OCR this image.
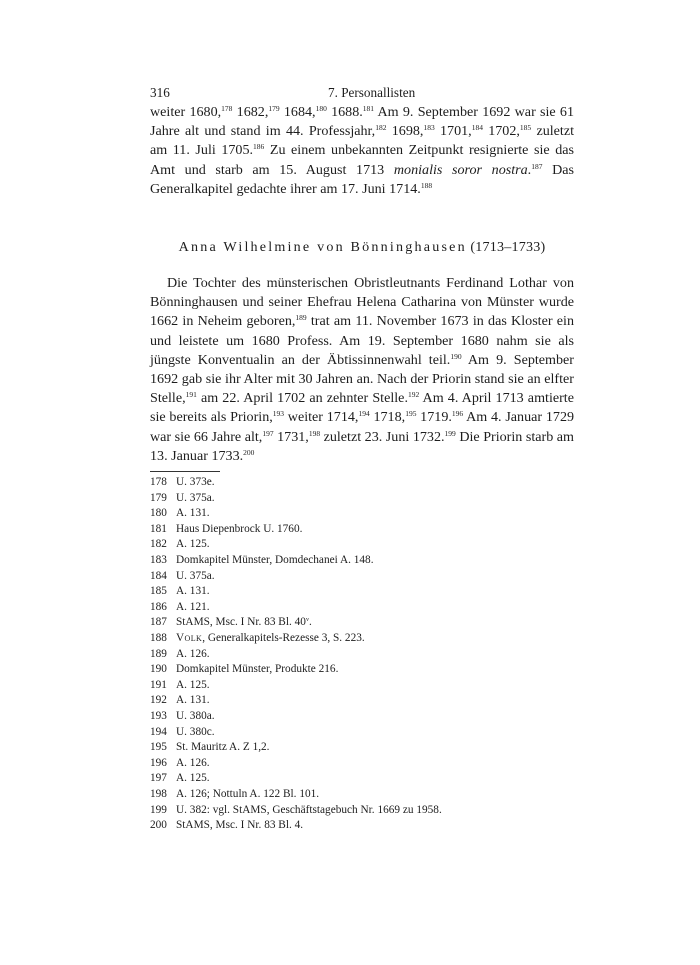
316	7. Personallisten

weiter 1680,$^{178}$ 1682,$^{179}$ 1684,$^{180}$ 1688.$^{181}$ Am 9. September 1692 war sie 61 Jahre alt und stand im 44. Professjahr,$^{182}$ 1698,$^{183}$ 1701,$^{184}$ 1702,$^{185}$ zuletzt am 11. Juli 1705.$^{186}$ Zu einem unbekannten Zeitpunkt resignierte sie das Amt und starb am 15. August 1713 monialis soror nostra.$^{187}$ Das Generalkapitel gedachte ihrer am 17. Juni 1714.$^{188}$

Anna Wilhelmine von Bönninghausen (1713–1733)

Die Tochter des münsterischen Obristleutnants Ferdinand Lothar von Bönninghausen und seiner Ehefrau Helena Catharina von Münster wurde 1662 in Neheim geboren,$^{189}$ trat am 11. November 1673 in das Kloster ein und leistete um 1680 Profess. Am 19. September 1680 nahm sie als jüngste Konventualin an der Äbtissinnenwahl teil.$^{190}$ Am 9. September 1692 gab sie ihr Alter mit 30 Jahren an. Nach der Priorin stand sie an elfter Stelle,$^{191}$ am 22. April 1702 an zehnter Stelle.$^{192}$ Am 4. April 1713 amtierte sie bereits als Priorin,$^{193}$ weiter 1714,$^{194}$ 1718,$^{195}$ 1719.$^{196}$ Am 4. Januar 1729 war sie 66 Jahre alt,$^{197}$ 1731,$^{198}$ zuletzt 23. Juni 1732.$^{199}$ Die Priorin starb am 13. Januar 1733.$^{200}$

178 U. 373e.
179 U. 375a.
180 A. 131.
181 Haus Diepenbrock U. 1760.
182 A. 125.
183 Domkapitel Münster, Domdechanei A. 148.
184 U. 375a.
185 A. 131.
186 A. 121.
187 StAMS, Msc. I Nr. 83 Bl. 40$^v$.
188 Volk, Generalkapitels-Rezesse 3, S. 223.
189 A. 126.
190 Domkapitel Münster, Produkte 216.
191 A. 125.
192 A. 131.
193 U. 380a.
194 U. 380c.
195 St. Mauritz A. Z 1,2.
196 A. 126.
197 A. 125.
198 A. 126; Nottuln A. 122 Bl. 101.
199 U. 382: vgl. StAMS, Geschäftstagebuch Nr. 1669 zu 1958.
200 StAMS, Msc. I Nr. 83 Bl. 4.
